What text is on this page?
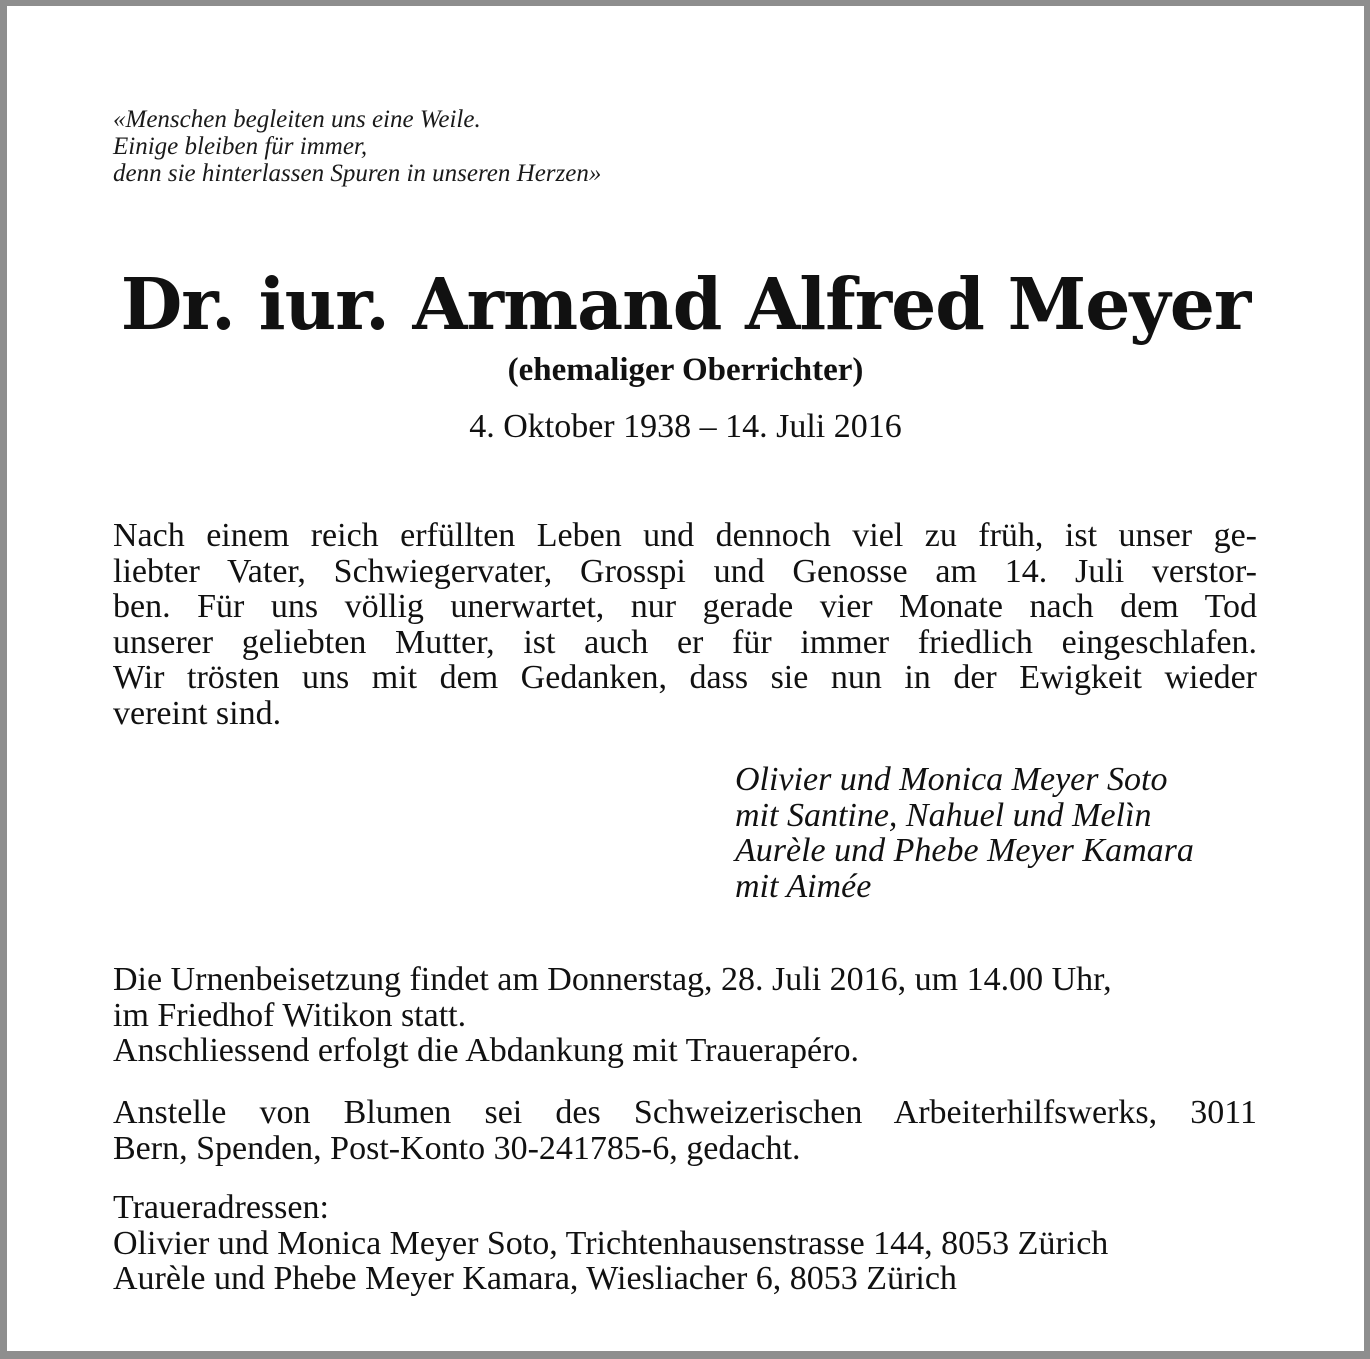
«Menschen begleiten uns eine Weile.
Einige bleiben für immer,
denn sie hinterlassen Spuren in unseren Herzen»
Dr. iur. Armand Alfred Meyer
(ehemaliger Oberrichter)
4. Oktober 1938 – 14. Juli 2016
Nach einem reich erfüllten Leben und dennoch viel zu früh, ist unser ge-
liebter Vater, Schwiegervater, Grosspi und Genosse am 14. Juli verstor-
ben. Für uns völlig unerwartet, nur gerade vier Monate nach dem Tod
unserer geliebten Mutter, ist auch er für immer friedlich eingeschlafen.
Wir trösten uns mit dem Gedanken, dass sie nun in der Ewigkeit wieder
vereint sind.
Olivier und Monica Meyer Soto
mit Santine, Nahuel und Melìn
Aurèle und Phebe Meyer Kamara
mit Aimée
Die Urnenbeisetzung findet am Donnerstag, 28. Juli 2016, um 14.00 Uhr,
im Friedhof Witikon statt.
Anschliessend erfolgt die Abdankung mit Trauerapéro.
Anstelle von Blumen sei des Schweizerischen Arbeiterhilfswerks, 3011
Bern, Spenden, Post-Konto 30-241785-6, gedacht.
Traueradressen:
Olivier und Monica Meyer Soto, Trichtenhausenstrasse 144, 8053 Zürich
Aurèle und Phebe Meyer Kamara, Wiesliacher 6, 8053 Zürich
